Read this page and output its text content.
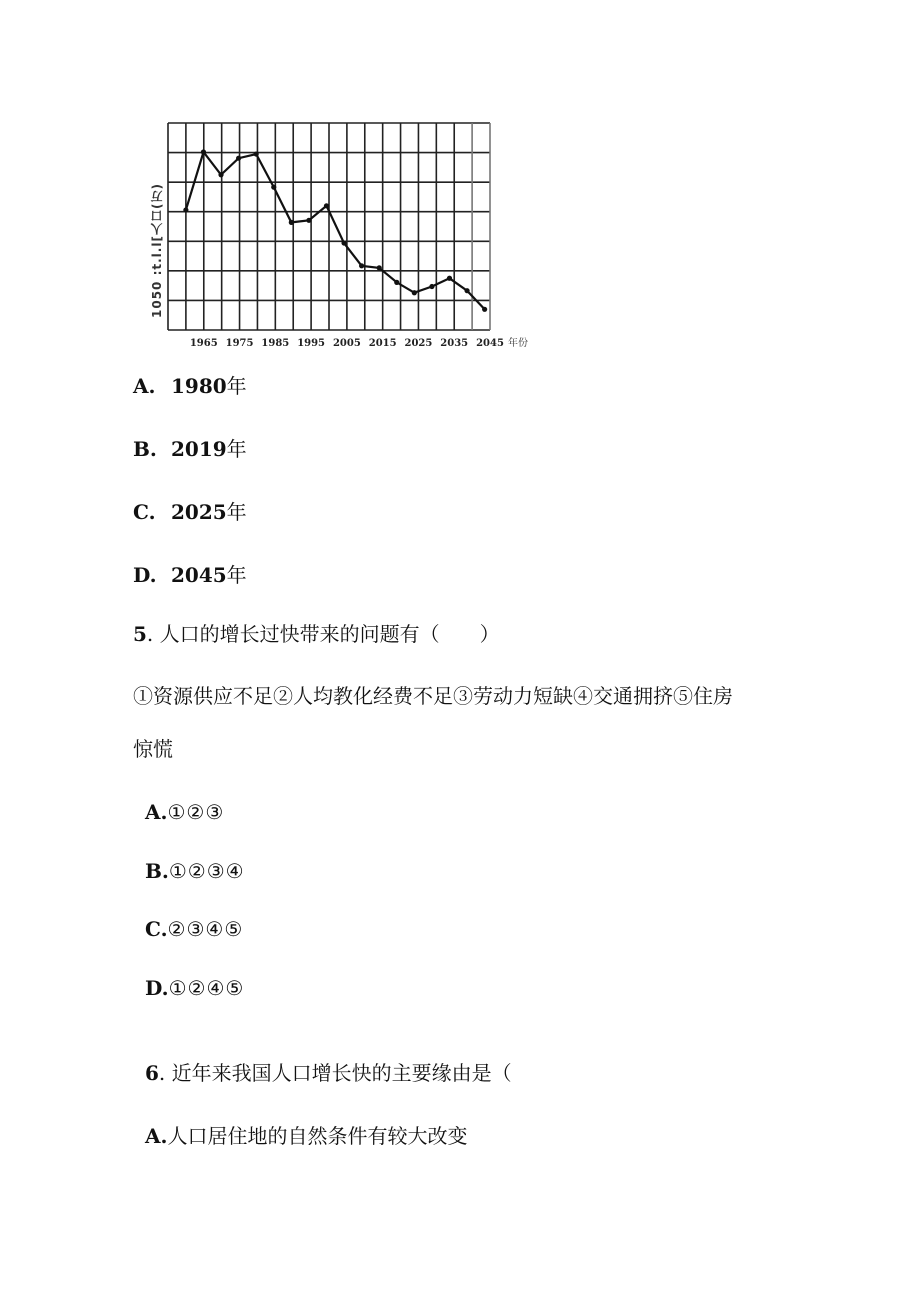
1965 1975 1985 1995 2005 2015 2025 2035 2045 年份
1050 :t.l.l[人口(万)
A. 1980年
B. 2019年
C. 2025年
D. 2045年
5. 人口的增长过快带来的问题有（　　）
①资源供应不足②人均教化经费不足③劳动力短缺④交通拥挤⑤住房
惊慌
A.①②③
B.①②③④
C.②③④⑤
D.①②④⑤
6. 近年来我国人口增长快的主要缘由是（
A.人口居住地的自然条件有较大改变
